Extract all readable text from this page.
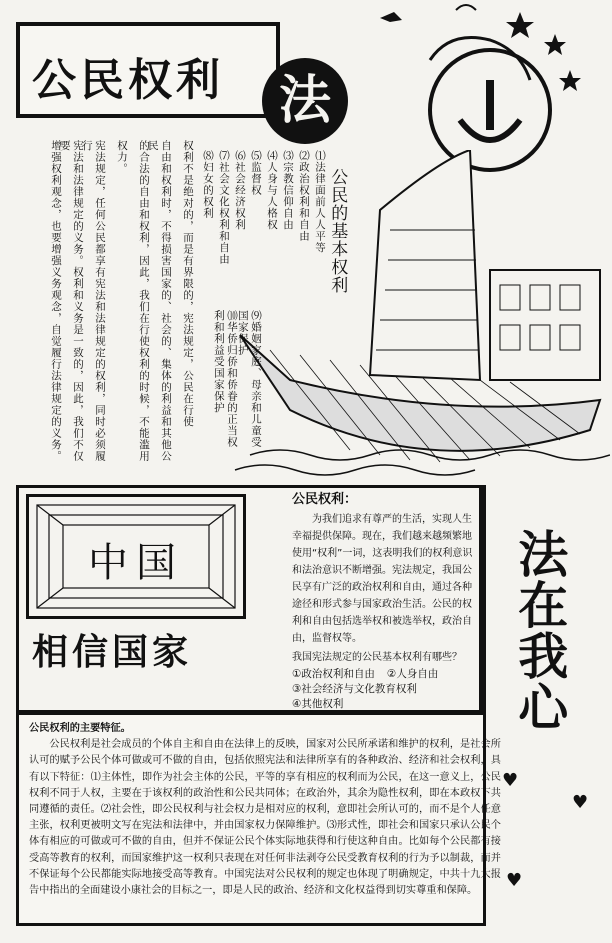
公民权利	法
公民的基本权利
⑴法律面前人人平等
⑵政治权利和自由
⑶宗教信仰自由
⑷人身与人格权
⑸监督权
⑹社会经济权利
⑺社会文化权利和自由
⑻妇女的权利
⑼婚姻家庭、母亲和儿童受国家保护
⑽华侨归侨和侨眷的正当权利和利益受国家保护
权利不是绝对的，而是有界限的，宪法规定，公民在行使
自由和权利时，不得损害国家的、社会的、集体的利益和其他公民
的合法的自由和权利，因此，我们在行使权利的时候，不能滥用
权力。
宪法规定，任何公民都享有宪法和法律规定的权利，同时必须履行
宪法和法律规定的义务。权利和义务是一致的，因此，我们不仅要
增强权利观念，也要增强义务观念，自觉履行法律规定的义务。
中国
相信国家
公民权利：
为我们追求有尊严的生活，实现人生幸福提供保障。现在，我们越来越频繁地使用“权利”一词，这表明我们的权利意识和法治意识不断增强。宪法规定，我国公民享有广泛的政治权利和自由，通过各种途径和形式参与国家政治生活。公民的权利和自由包括选举权和被选举权，政治自由，监督权等。
我国宪法规定的公民基本权利有哪些？
①政治权利和自由 ②人身自由
③社会经济与文化教育权利
④其他权利	法在我心
♥
♥
♥
公民权利的主要特征。
公民权利是社会成员的个体自主和自由在法律上的反映，国家对公民所承诺和维护的权利，是社会所认可的赋予公民个体可做或可不做的自由，包括依照宪法和法律所享有的各种政治、经济和社会权利，具有以下特征：⑴主体性，即作为社会主体的公民，平等的享有相应的权利而为公民，在这一意义上，公民权利不同于人权，主要在于该权利的政治性和公民共同体；在政治外，其余为隐性权利，即在本政权下共同遵循的责任。⑵社会性，即公民权利与社会权力是相对应的权利，意即社会所认可的，而不是个人任意主张，权利更被明文写在宪法和法律中，并由国家权力保障维护。⑶形式性，即社会和国家只承认公民个体有相应的可做或可不做的自由，但并不保证公民个体实际地获得和行使这种自由。比如每个公民都有接受高等教育的权利，而国家维护这一权利只表现在对任何非法剥夺公民受教育权利的行为予以制裁，而并不保证每个公民都能实际地接受高等教育。中国宪法对公民权利的规定也体现了明确规定，中共十九大报告中指出的全面建设小康社会的目标之一，即是人民的政治、经济和文化权益得到切实尊重和保障。
